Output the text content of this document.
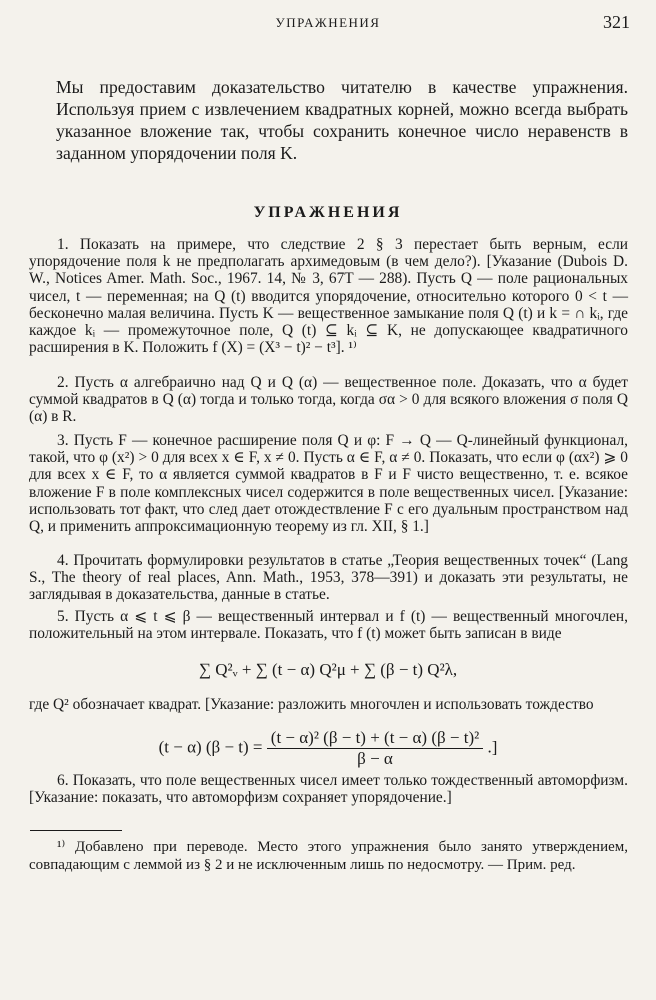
УПРАЖНЕНИЯ	321

Мы предоставим доказательство читателю в качестве упражнения. Используя прием с извлечением квадратных корней, можно всегда выбрать указанное вложение так, чтобы сохранить конечное число неравенств в заданном упорядочении поля K.

УПРАЖНЕНИЯ

1. Показать на примере, что следствие 2 § 3 перестает быть верным, если упорядочение поля k не предполагать архимедовым (в чем дело?). [Указание (Dubois D. W., Notices Amer. Math. Soc., 1967. 14, № 3, 67T — 288). Пусть Q — поле рациональных чисел, t — переменная; на Q (t) вводится упорядочение, относительно которого 0 < t — бесконечно малая величина. Пусть K — вещественное замыкание поля Q (t) и k = ∩ kᵢ, где каждое kᵢ — промежуточное поле, Q (t) ⊆ kᵢ ⊆ K, не допускающее квадратичного расширения в K. Положить f (X) = (X³ − t)² − t³]. ¹⁾

2. Пусть α алгебраично над Q и Q (α) — вещественное поле. Доказать, что α будет суммой квадратов в Q (α) тогда и только тогда, когда σα > 0 для всякого вложения σ поля Q (α) в R.

3. Пусть F — конечное расширение поля Q и φ: F → Q — Q-линейный функционал, такой, что φ (x²) > 0 для всех x ∈ F, x ≠ 0. Пусть α ∈ F, α ≠ 0. Показать, что если φ (αx²) ⩾ 0 для всех x ∈ F, то α является суммой квадратов в F и F чисто вещественно, т. е. всякое вложение F в поле комплексных чисел содержится в поле вещественных чисел. [Указание: использовать тот факт, что след дает отождествление F с его дуальным пространством над Q, и применить аппроксимационную теорему из гл. XII, § 1.]

4. Прочитать формулировки результатов в статье „Теория вещественных точек“ (Lang S., The theory of real places, Ann. Math., 1953, 378—391) и доказать эти результаты, не заглядывая в доказательства, данные в статье.

5. Пусть α ⩽ t ⩽ β — вещественный интервал и f (t) — вещественный многочлен, положительный на этом интервале. Показать, что f (t) может быть записан в виде

∑ Q²ᵥ + ∑ (t − α) Q²μ + ∑ (β − t) Q²λ,

где Q² обозначает квадрат. [Указание: разложить многочлен и использовать тождество

(t − α) $(\beta - t) = \frac{\text{(t − α)² (β − t) + (t − α) (β − t)²}}{\beta - \alpha}$ .]

6. Показать, что поле вещественных чисел имеет только тождественный автоморфизм. [Указание: показать, что автоморфизм сохраняет упорядочение.]

¹⁾ Добавлено при переводе. Место этого упражнения было занято утверждением, совпадающим с леммой из § 2 и не исключенным лишь по недосмотру. — Прим. ред.
